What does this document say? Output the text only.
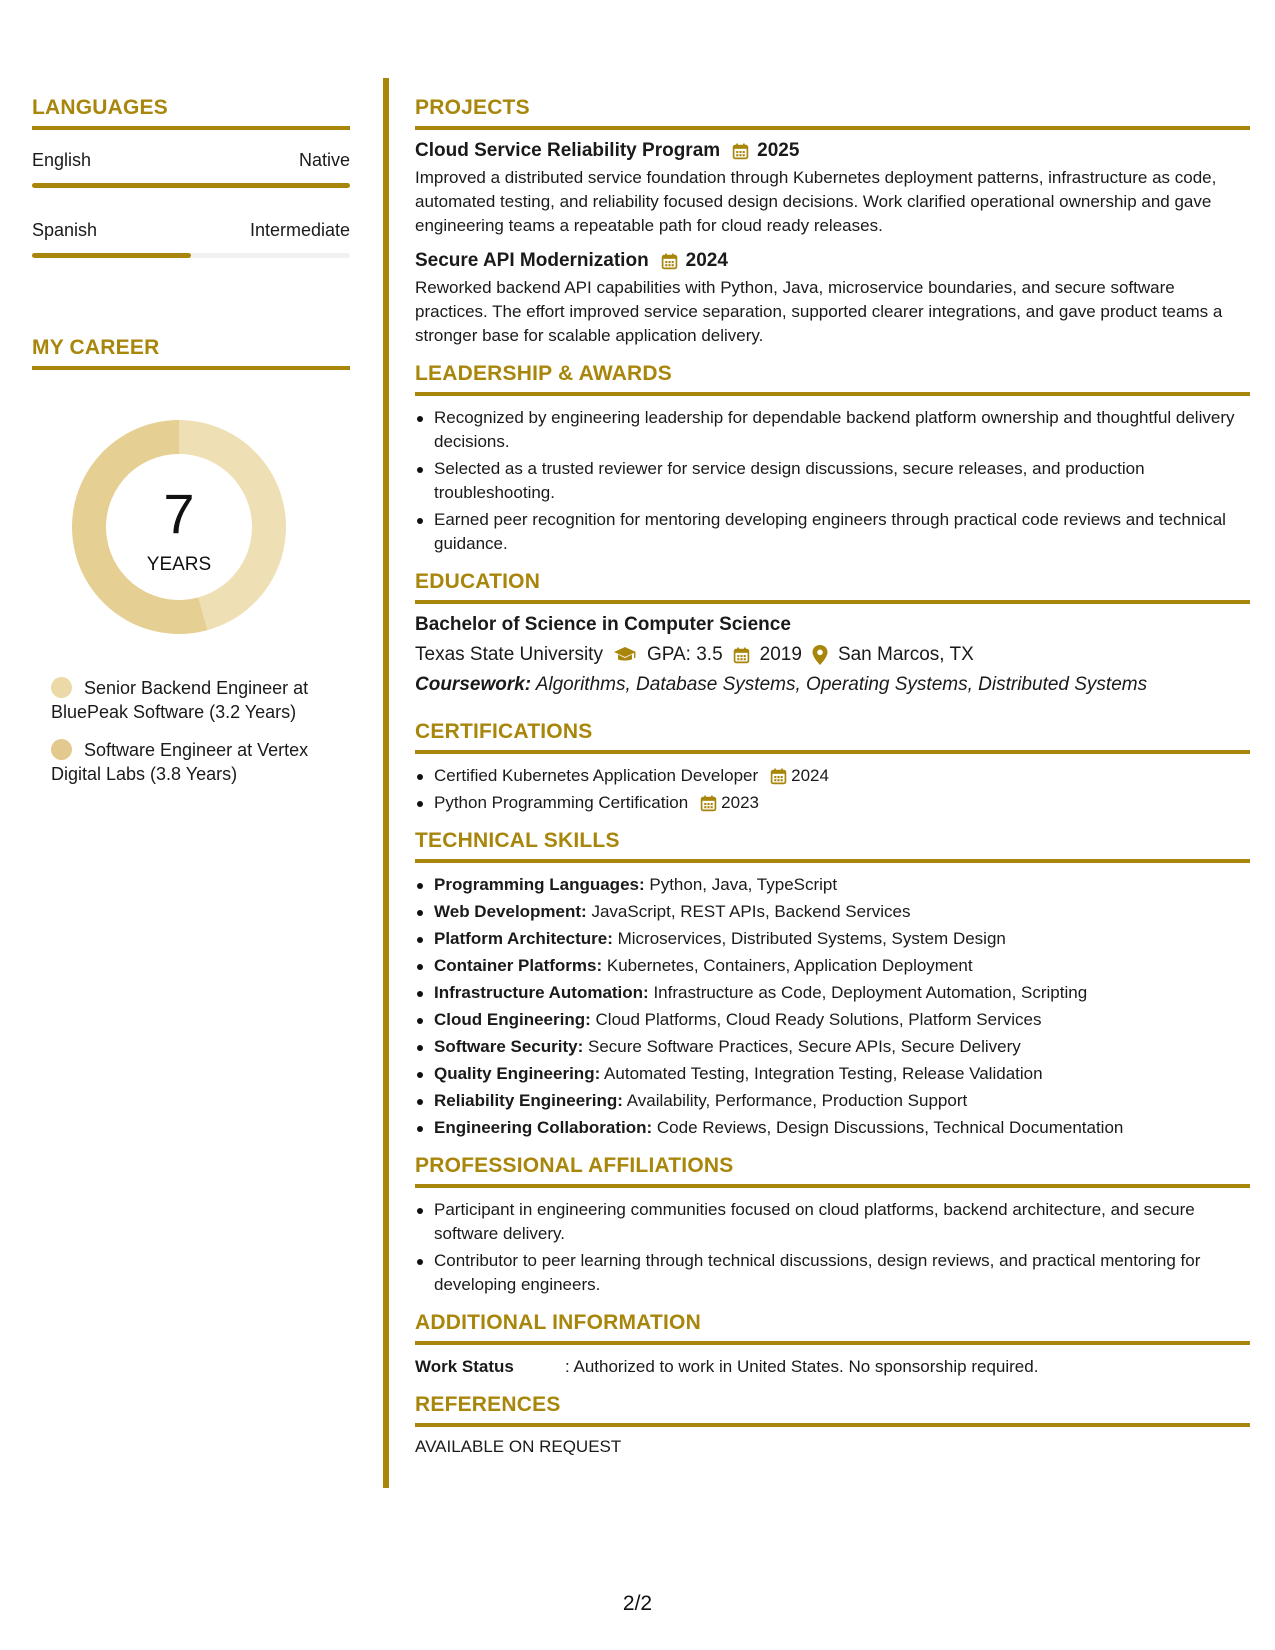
LANGUAGES
English	Native
Spanish	Intermediate
MY CAREER
7
YEARS
Senior Backend Engineer at BluePeak Software (3.2 Years)
Software Engineer at Vertex Digital Labs (3.8 Years)
PROJECTS
Cloud Service Reliability Program 2025
Improved a distributed service foundation through Kubernetes deployment patterns, infrastructure as code, automated testing, and reliability focused design decisions. Work clarified operational ownership and gave engineering teams a repeatable path for cloud ready releases.
Secure API Modernization 2024
Reworked backend API capabilities with Python, Java, microservice boundaries, and secure software practices. The effort improved service separation, supported clearer integrations, and gave product teams a stronger base for scalable application delivery.
LEADERSHIP & AWARDS
Recognized by engineering leadership for dependable backend platform ownership and thoughtful delivery decisions.
Selected as a trusted reviewer for service design discussions, secure releases, and production troubleshooting.
Earned peer recognition for mentoring developing engineers through practical code reviews and technical guidance.
EDUCATION
Bachelor of Science in Computer Science
Texas State University GPA: 3.5 2019 San Marcos, TX
Coursework: Algorithms, Database Systems, Operating Systems, Distributed Systems
CERTIFICATIONS
Certified Kubernetes Application Developer 2024
Python Programming Certification 2023
TECHNICAL SKILLS
Programming Languages: Python, Java, TypeScript
Web Development: JavaScript, REST APIs, Backend Services
Platform Architecture: Microservices, Distributed Systems, System Design
Container Platforms: Kubernetes, Containers, Application Deployment
Infrastructure Automation: Infrastructure as Code, Deployment Automation, Scripting
Cloud Engineering: Cloud Platforms, Cloud Ready Solutions, Platform Services
Software Security: Secure Software Practices, Secure APIs, Secure Delivery
Quality Engineering: Automated Testing, Integration Testing, Release Validation
Reliability Engineering: Availability, Performance, Production Support
Engineering Collaboration: Code Reviews, Design Discussions, Technical Documentation
PROFESSIONAL AFFILIATIONS
Participant in engineering communities focused on cloud platforms, backend architecture, and secure software delivery.
Contributor to peer learning through technical discussions, design reviews, and practical mentoring for developing engineers.
ADDITIONAL INFORMATION
Work Status	: Authorized to work in United States. No sponsorship required.
REFERENCES
AVAILABLE ON REQUEST
2/2
